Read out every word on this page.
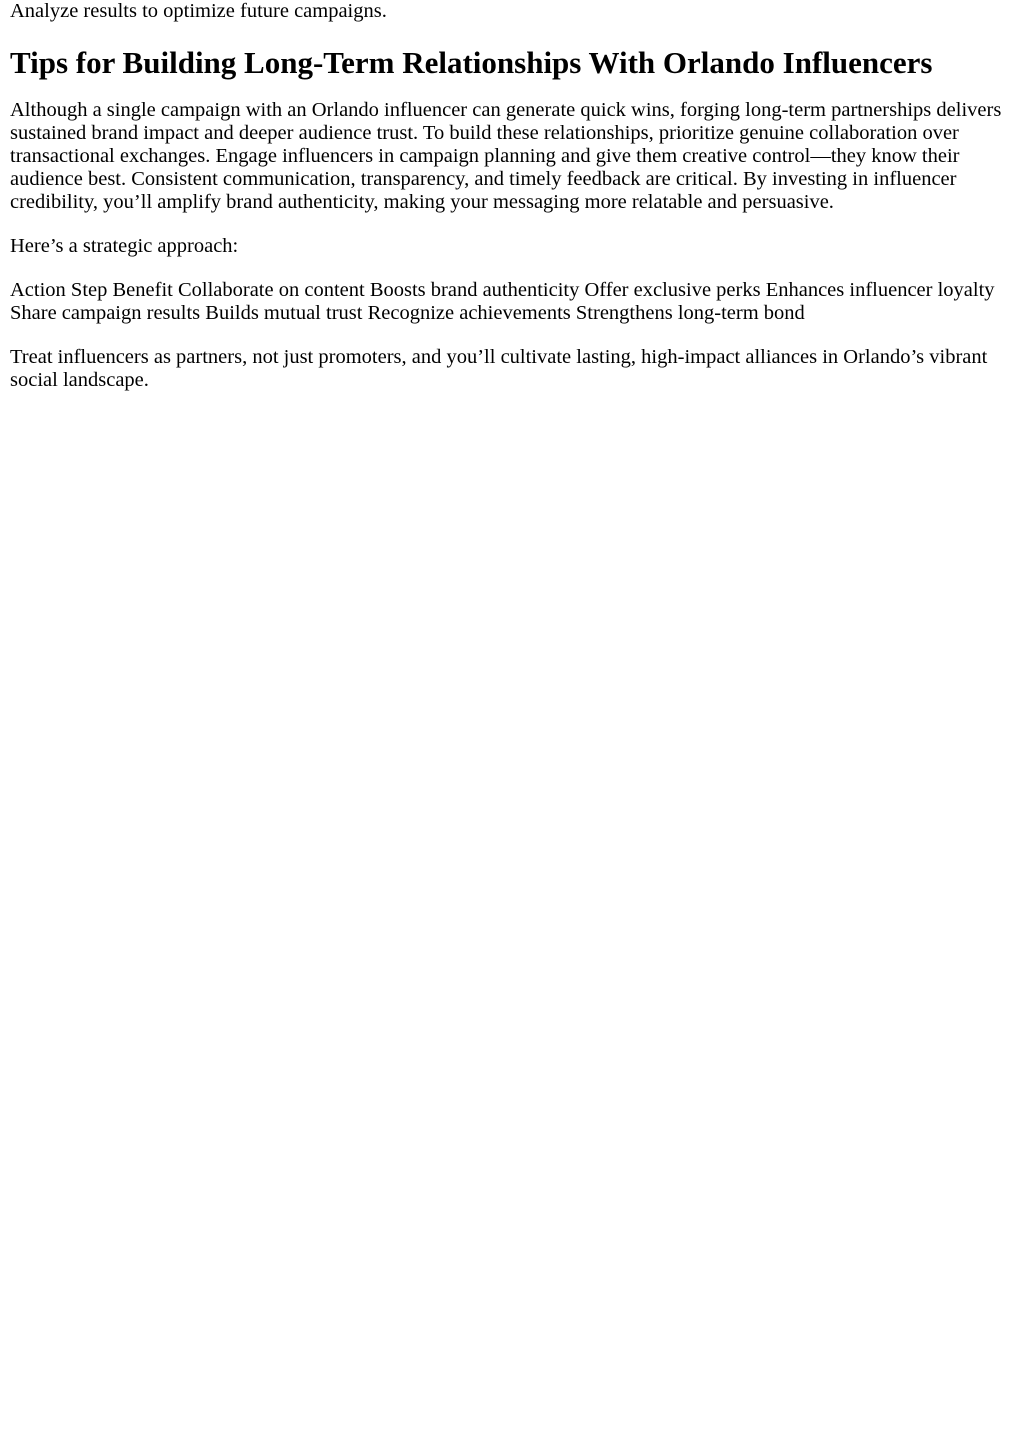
Analyze results to optimize future campaigns.

Tips for Building Long-Term Relationships With Orlando Influencers

Although a single campaign with an Orlando influencer can generate quick wins, forging long-term partnerships delivers sustained brand impact and deeper audience trust. To build these relationships, prioritize genuine collaboration over transactional exchanges. Engage influencers in campaign planning and give them creative control—they know their audience best. Consistent communication, transparency, and timely feedback are critical. By investing in influencer credibility, you’ll amplify brand authenticity, making your messaging more relatable and persuasive.

Here’s a strategic approach:

Action Step Benefit Collaborate on content Boosts brand authenticity Offer exclusive perks Enhances influencer loyalty Share campaign results Builds mutual trust Recognize achievements Strengthens long-term bond

Treat influencers as partners, not just promoters, and you’ll cultivate lasting, high-impact alliances in Orlando’s vibrant social landscape.
